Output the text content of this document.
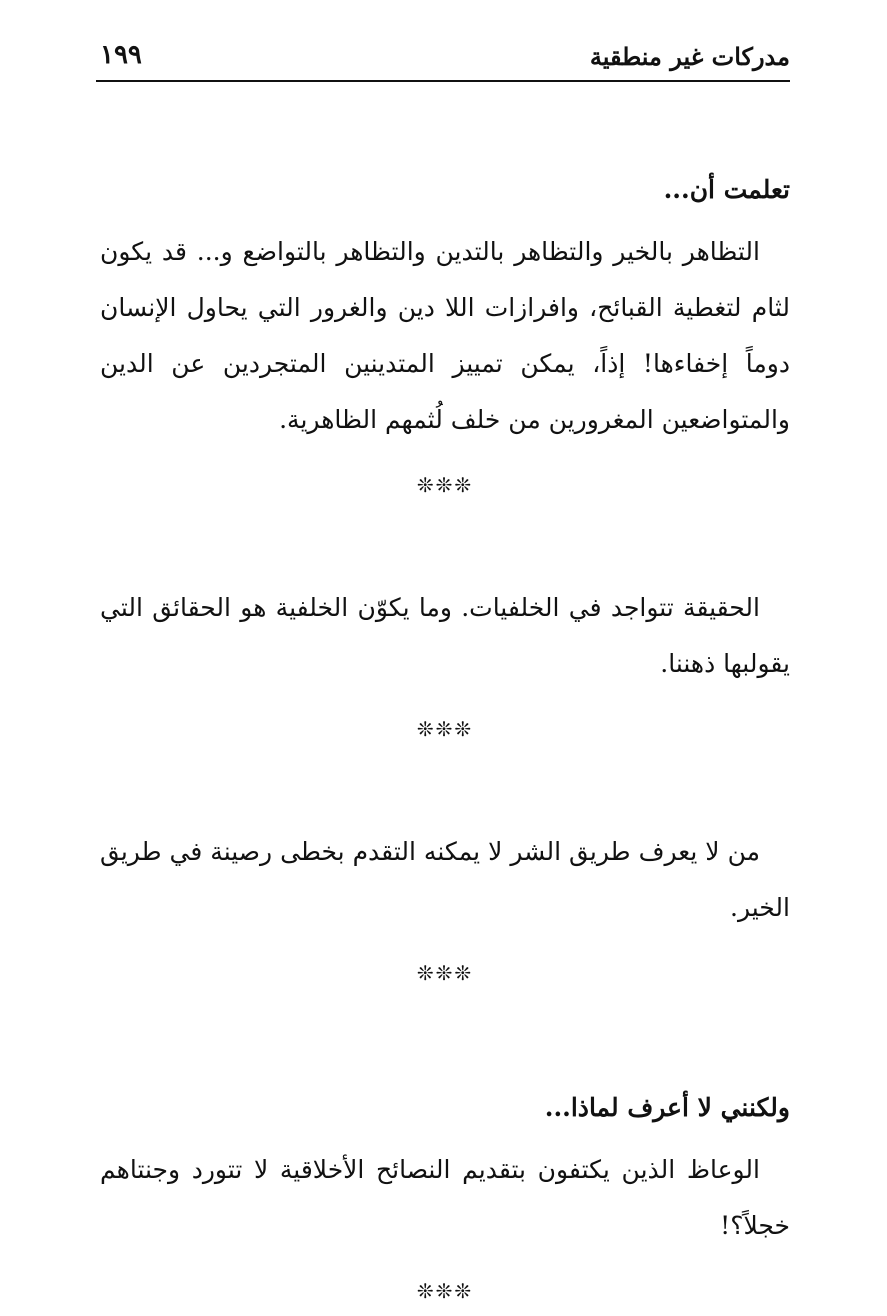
مدركات غير منطقية
١٩٩
تعلمت أن...

التظاهر بالخير والتظاهر بالتدين والتظاهر بالتواضع و... قد يكون لثام لتغطية القبائح، وافرازات اللا دين والغرور التي يحاول الإنسان دوماً إخفاءها! إذاً، يمكن تمييز المتدينين المتجردين عن الدين والمتواضعين المغرورين من خلف لُثمهم الظاهرية.

❊❊❊

الحقيقة تتواجد في الخلفيات. وما يكوّن الخلفية هو الحقائق التي يقولبها ذهننا.

❊❊❊

من لا يعرف طريق الشر لا يمكنه التقدم بخطى رصينة في طريق الخير.

❊❊❊
ولكنني لا أعرف لماذا...

الوعاظ الذين يكتفون بتقديم النصائح الأخلاقية لا تتورد وجنتاهم خجلاً؟!

❊❊❊
